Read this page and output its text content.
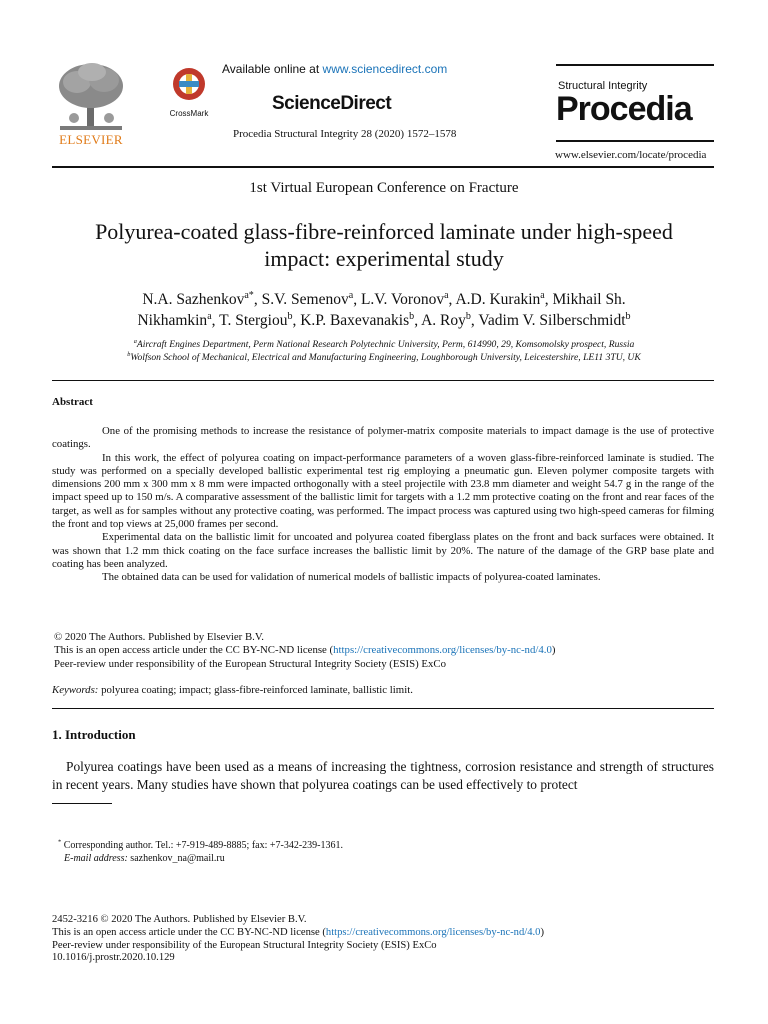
ELSEVIER
CrossMark
Available online at www.sciencedirect.com
ScienceDirect
Procedia Structural Integrity 28 (2020) 1572–1578
Structural Integrity
Procedia
www.elsevier.com/locate/procedia
1st Virtual European Conference on Fracture
Polyurea-coated glass-fibre-reinforced laminate under high-speed
impact: experimental study
N.A. Sazhenkov$^{a*}$, S.V. Semenov$^a$, L.V. Voronov$^a$, A.D. Kurakin$^a$, Mikhail Sh.
Nikhamkin$^a$, T. Stergiou$^b$, K.P. Baxevanakis$^b$, A. Roy$^b$, Vadim V. Silberschmidt$^b$
$^a$Aircraft Engines Department, Perm National Research Polytechnic University, Perm, 614990, 29, Komsomolsky prospect, Russia
$^b$Wolfson School of Mechanical, Electrical and Manufacturing Engineering, Loughborough University, Leicestershire, LE11 3TU, UK
Abstract

One of the promising methods to increase the resistance of polymer-matrix composite materials to impact damage is the use of protective coatings.

In this work, the effect of polyurea coating on impact-performance parameters of a woven glass-fibre-reinforced laminate is studied. The study was performed on a specially developed ballistic experimental test rig employing a pneumatic gun. Eleven polymer composite targets with dimensions 200 mm x 300 mm x 8 mm were impacted orthogonally with a steel projectile with 23.8 mm diameter and weight 54.7 g in the range of the impact speed up to 150 m/s. A comparative assessment of the ballistic limit for targets with a 1.2 mm protective coating on the front and rear faces of the target, as well as for samples without any protective coating, was performed. The impact process was captured using two high-speed cameras for filming the front and top views at 25,000 frames per second.

Experimental data on the ballistic limit for uncoated and polyurea coated fiberglass plates on the front and back surfaces were obtained. It was shown that 1.2 mm thick coating on the face surface increases the ballistic limit by 20%. The nature of the damage of the GRP base plate and coating has been analyzed.

The obtained data can be used for validation of numerical models of ballistic impacts of polyurea-coated laminates.

© 2020 The Authors. Published by Elsevier B.V.
This is an open access article under the CC BY-NC-ND license (https://creativecommons.org/licenses/by-nc-nd/4.0)
Peer-review under responsibility of the European Structural Integrity Society (ESIS) ExCo
Keywords: polyurea coating; impact; glass-fibre-reinforced laminate, ballistic limit.
1. Introduction

Polyurea coatings have been used as a means of increasing the tightness, corrosion resistance and strength of structures in recent years. Many studies have shown that polyurea coatings can be used effectively to protect

* Corresponding author. Tel.: +7-919-489-8885; fax: +7-342-239-1361.
E-mail address: sazhenkov_na@mail.ru
2452-3216 © 2020 The Authors. Published by Elsevier B.V.
This is an open access article under the CC BY-NC-ND license (https://creativecommons.org/licenses/by-nc-nd/4.0)
Peer-review under responsibility of the European Structural Integrity Society (ESIS) ExCo
10.1016/j.prostr.2020.10.129
